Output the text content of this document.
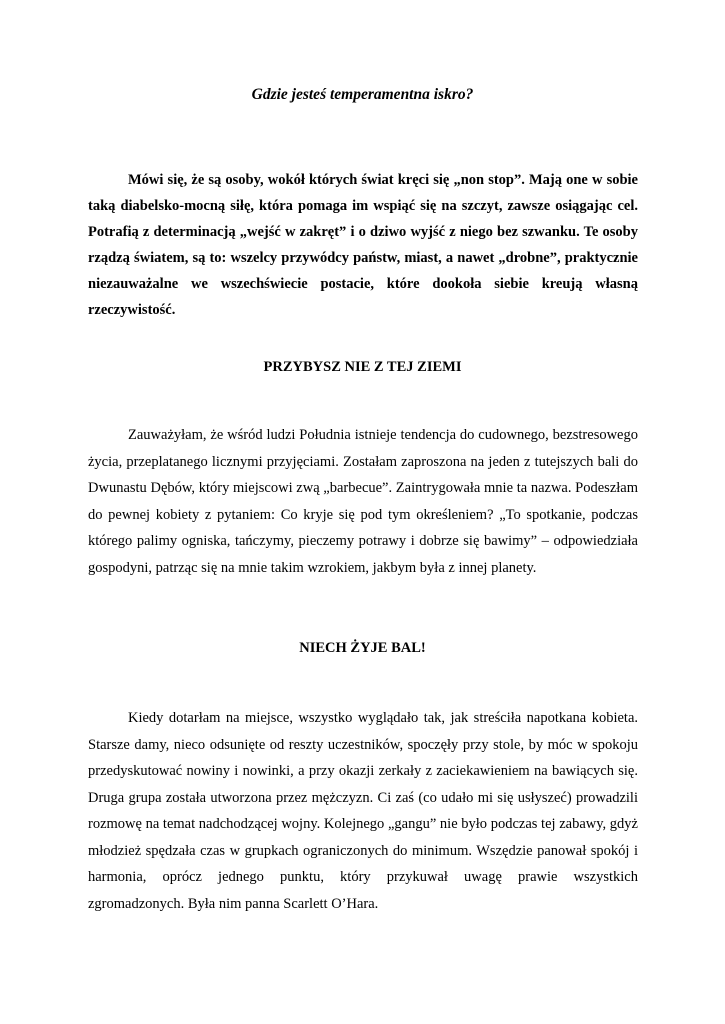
Gdzie jesteś temperamentna iskro?

Mówi się, że są osoby, wokół których świat kręci się „non stop”. Mają one w sobie taką diabelsko-mocną siłę, która pomaga im wspiąć się na szczyt, zawsze osiągając cel. Potrafią z determinacją „wejść w zakręt” i o dziwo wyjść z niego bez szwanku. Te osoby rządzą światem, są to: wszelcy przywódcy państw, miast, a nawet „drobne”, praktycznie niezauważalne we wszechświecie postacie, które dookoła siebie kreują własną rzeczywistość.

PRZYBYSZ NIE Z TEJ ZIEMI

Zauważyłam, że wśród ludzi Południa istnieje tendencja do cudownego, bezstresowego życia, przeplatanego licznymi przyjęciami. Zostałam zaproszona na jeden z tutejszych bali do Dwunastu Dębów, który miejscowi zwą „barbecue”. Zaintrygowała mnie ta nazwa. Podeszłam do pewnej kobiety z pytaniem: Co kryje się pod tym określeniem? „To spotkanie, podczas którego palimy ogniska, tańczymy, pieczemy potrawy i dobrze się bawimy” – odpowiedziała gospodyni, patrząc się na mnie takim wzrokiem, jakbym była z innej planety.

NIECH ŻYJE BAL!

Kiedy dotarłam na miejsce, wszystko wyglądało tak, jak streściła napotkana kobieta. Starsze damy, nieco odsunięte od reszty uczestników, spoczęły przy stole, by móc w spokoju przedyskutować nowiny i nowinki, a przy okazji zerkały z zaciekawieniem na bawiących się. Druga grupa została utworzona przez mężczyzn. Ci zaś (co udało mi się usłyszeć) prowadzili rozmowę na temat nadchodzącej wojny. Kolejnego „gangu” nie było podczas tej zabawy, gdyż młodzież spędzała czas w grupkach ograniczonych do minimum. Wszędzie panował spokój i harmonia, oprócz jednego punktu, który przykuwał uwagę prawie wszystkich zgromadzonych. Była nim panna Scarlett O’Hara.
